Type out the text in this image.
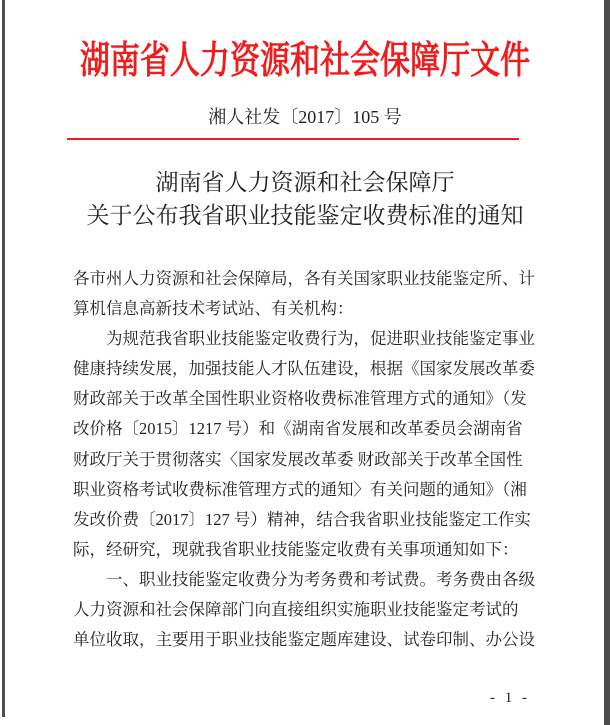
湖南省人力资源和社会保障厅文件
湘人社发〔2017〕105 号
湖南省人力资源和社会保障厅
关于公布我省职业技能鉴定收费标准的通知
各市州人力资源和社会保障局，各有关国家职业技能鉴定所、计
算机信息高新技术考试站、有关机构：
为规范我省职业技能鉴定收费行为，促进职业技能鉴定事业
健康持续发展，加强技能人才队伍建设，根据《国家发展改革委
财政部关于改革全国性职业资格收费标准管理方式的通知》（发
改价格〔2015〕1217 号）和《湖南省发展和改革委员会湖南省
财政厅关于贯彻落实〈国家发展改革委 财政部关于改革全国性
职业资格考试收费标准管理方式的通知〉有关问题的通知》（湘
发改价费〔2017〕127 号）精神，结合我省职业技能鉴定工作实
际，经研究，现就我省职业技能鉴定收费有关事项通知如下：
一、职业技能鉴定收费分为考务费和考试费。考务费由各级
人力资源和社会保障部门向直接组织实施职业技能鉴定考试的
单位收取，主要用于职业技能鉴定题库建设、试卷印制、办公设
- 1 -
